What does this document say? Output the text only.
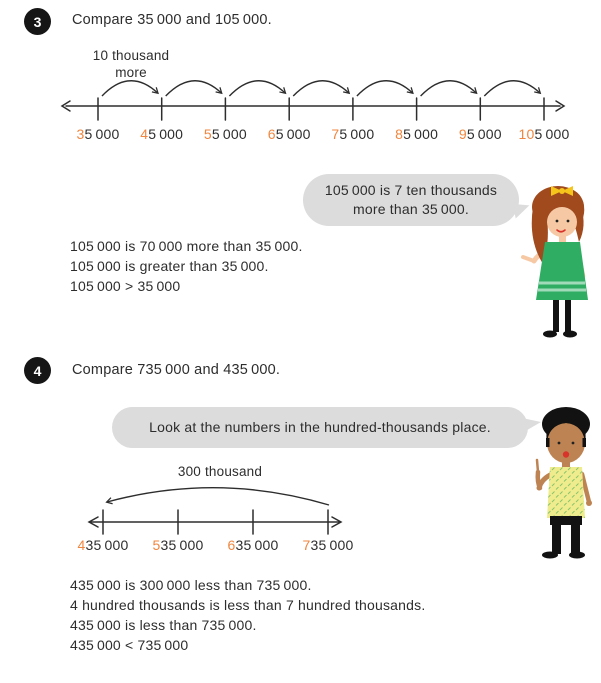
3	Compare 35 000 and 105 000.
10 thousand
more
35 000	45 000	55 000	65 000	75 000	85 000	95 000	105 000
105 000 is 7 ten thousands
more than 35 000.
105 000 is 70 000 more than 35 000.
105 000 is greater than 35 000.
105 000 > 35 000
4	Compare 735 000 and 435 000.
Look at the numbers in the hundred-thousands place.
300 thousand
435 000	535 000	635 000	735 000
435 000 is 300 000 less than 735 000.
4 hundred thousands is less than 7 hundred thousands.
435 000 is less than 735 000.
435 000 < 735 000
